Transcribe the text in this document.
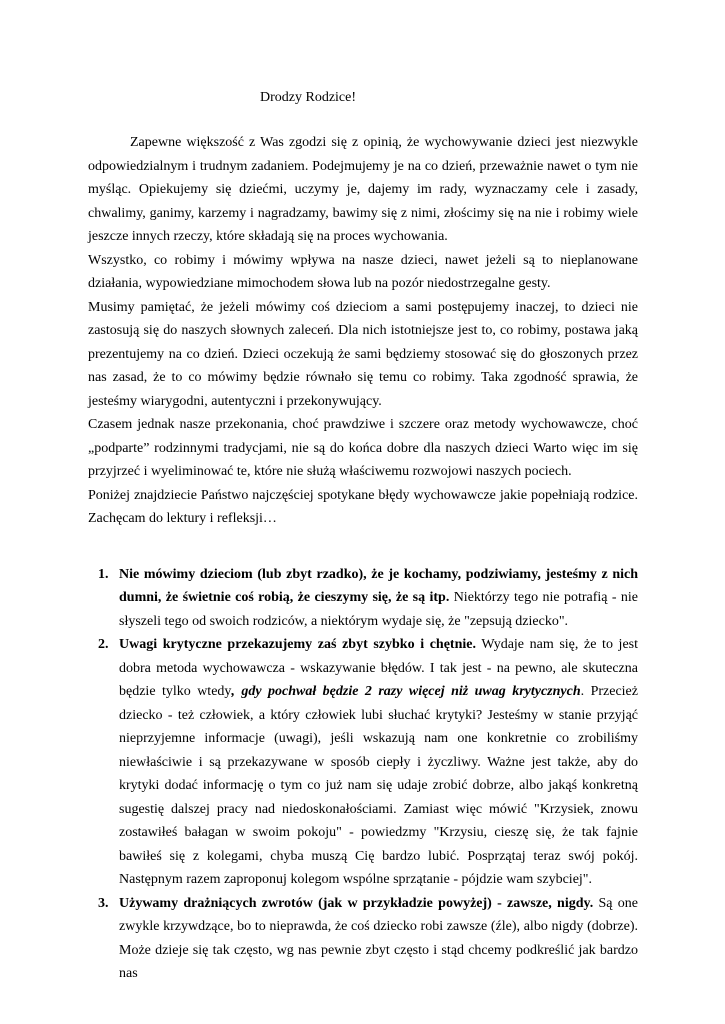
Drodzy Rodzice!

Zapewne większość z Was zgodzi się z opinią, że wychowywanie dzieci jest niezwykle odpowiedzialnym i trudnym zadaniem. Podejmujemy je na co dzień, przeważnie nawet o tym nie myśląc. Opiekujemy się dziećmi, uczymy je, dajemy im rady, wyznaczamy cele i zasady, chwalimy, ganimy, karzemy i nagradzamy, bawimy się z nimi, złościmy się na nie i robimy wiele jeszcze innych rzeczy, które składają się na proces wychowania.

Wszystko, co robimy i mówimy wpływa na nasze dzieci, nawet jeżeli są to nieplanowane działania, wypowiedziane mimochodem słowa lub na pozór niedostrzegalne gesty.

Musimy pamiętać, że jeżeli mówimy coś dzieciom a sami postępujemy inaczej, to dzieci nie zastosują się do naszych słownych zaleceń. Dla nich istotniejsze jest to, co robimy, postawa jaką prezentujemy na co dzień. Dzieci oczekują że sami będziemy stosować się do głoszonych przez nas zasad, że to co mówimy będzie równało się temu co robimy. Taka zgodność sprawia, że jesteśmy wiarygodni, autentyczni i przekonywujący.

Czasem jednak nasze przekonania, choć prawdziwe i szczere oraz metody wychowawcze, choć „podparte” rodzinnymi tradycjami, nie są do końca dobre dla naszych dzieci Warto więc im się przyjrzeć i wyeliminować te, które nie służą właściwemu rozwojowi naszych pociech.

Poniżej znajdziecie Państwo najczęściej spotykane błędy wychowawcze jakie popełniają rodzice. Zachęcam do lektury i refleksji…

1. Nie mówimy dzieciom (lub zbyt rzadko), że je kochamy, podziwiamy, jesteśmy z nich dumni, że świetnie coś robią, że cieszymy się, że są itp. Niektórzy tego nie potrafią - nie słyszeli tego od swoich rodziców, a niektórym wydaje się, że "zepsują dziecko".
2. Uwagi krytyczne przekazujemy zaś zbyt szybko i chętnie. Wydaje nam się, że to jest dobra metoda wychowawcza - wskazywanie błędów. I tak jest - na pewno, ale skuteczna będzie tylko wtedy, gdy pochwał będzie 2 razy więcej niż uwag krytycznych. Przecież dziecko - też człowiek, a który człowiek lubi słuchać krytyki? Jesteśmy w stanie przyjąć nieprzyjemne informacje (uwagi), jeśli wskazują nam one konkretnie co zrobiliśmy niewłaściwie i są przekazywane w sposób ciepły i życzliwy. Ważne jest także, aby do krytyki dodać informację o tym co już nam się udaje zrobić dobrze, albo jakąś konkretną sugestię dalszej pracy nad niedoskonałościami. Zamiast więc mówić "Krzysiek, znowu zostawiłeś bałagan w swoim pokoju" - powiedzmy "Krzysiu, cieszę się, że tak fajnie bawiłeś się z kolegami, chyba muszą Cię bardzo lubić. Posprzątaj teraz swój pokój. Następnym razem zaproponuj kolegom wspólne sprzątanie - pójdzie wam szybciej".
3. Używamy drażniących zwrotów (jak w przykładzie powyżej) - zawsze, nigdy. Są one zwykle krzywdzące, bo to nieprawda, że coś dziecko robi zawsze (źle), albo nigdy (dobrze). Może dzieje się tak często, wg nas pewnie zbyt często i stąd chcemy podkreślić jak bardzo nas
